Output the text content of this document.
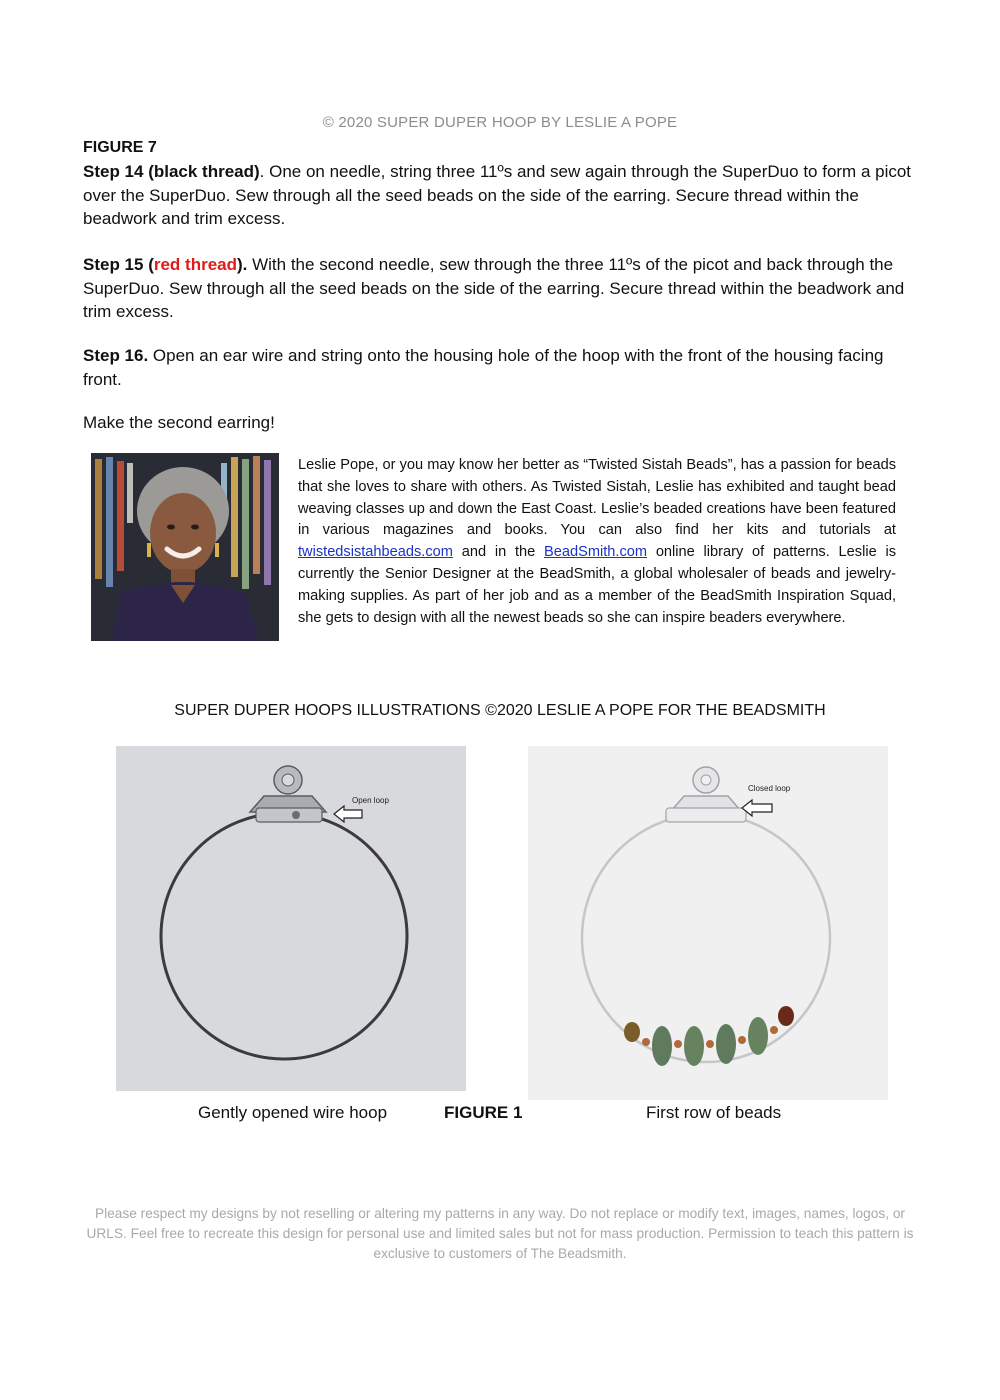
© 2020 SUPER DUPER HOOP BY LESLIE A POPE
FIGURE 7
Step 14 (black thread). One on needle, string three 11ºs and sew again through the SuperDuo to form a picot over the SuperDuo. Sew through all the seed beads on the side of the earring. Secure thread within the beadwork and trim excess.
Step 15 (red thread). With the second needle, sew through the three 11ºs of the picot and back through the SuperDuo. Sew through all the seed beads on the side of the earring. Secure thread within the beadwork and trim excess.
Step 16. Open an ear wire and string onto the housing hole of the hoop with the front of the housing facing front.
Make the second earring!
Leslie Pope, or you may know her better as “Twisted Sistah Beads”, has a passion for beads that she loves to share with others. As Twisted Sistah, Leslie has exhibited and taught bead weaving classes up and down the East Coast. Leslie’s beaded creations have been featured in various magazines and books. You can also find her kits and tutorials at twistedsistahbeads.com and in the BeadSmith.com online library of patterns. Leslie is currently the Senior Designer at the BeadSmith, a global wholesaler of beads and jewelry-making supplies. As part of her job and as a member of the BeadSmith Inspiration Squad, she gets to design with all the newest beads so she can inspire beaders everywhere.
SUPER DUPER HOOPS ILLUSTRATIONS ©2020 LESLIE A POPE FOR THE BEADSMITH
Open loop
Closed loop
Gently opened wire hoop	FIGURE 1	First row of beads
Please respect my designs by not reselling or altering my patterns in any way. Do not replace or modify text, images, names, logos, or URLS. Feel free to recreate this design for personal use and limited sales but not for mass production. Permission to teach this pattern is exclusive to customers of The Beadsmith.
